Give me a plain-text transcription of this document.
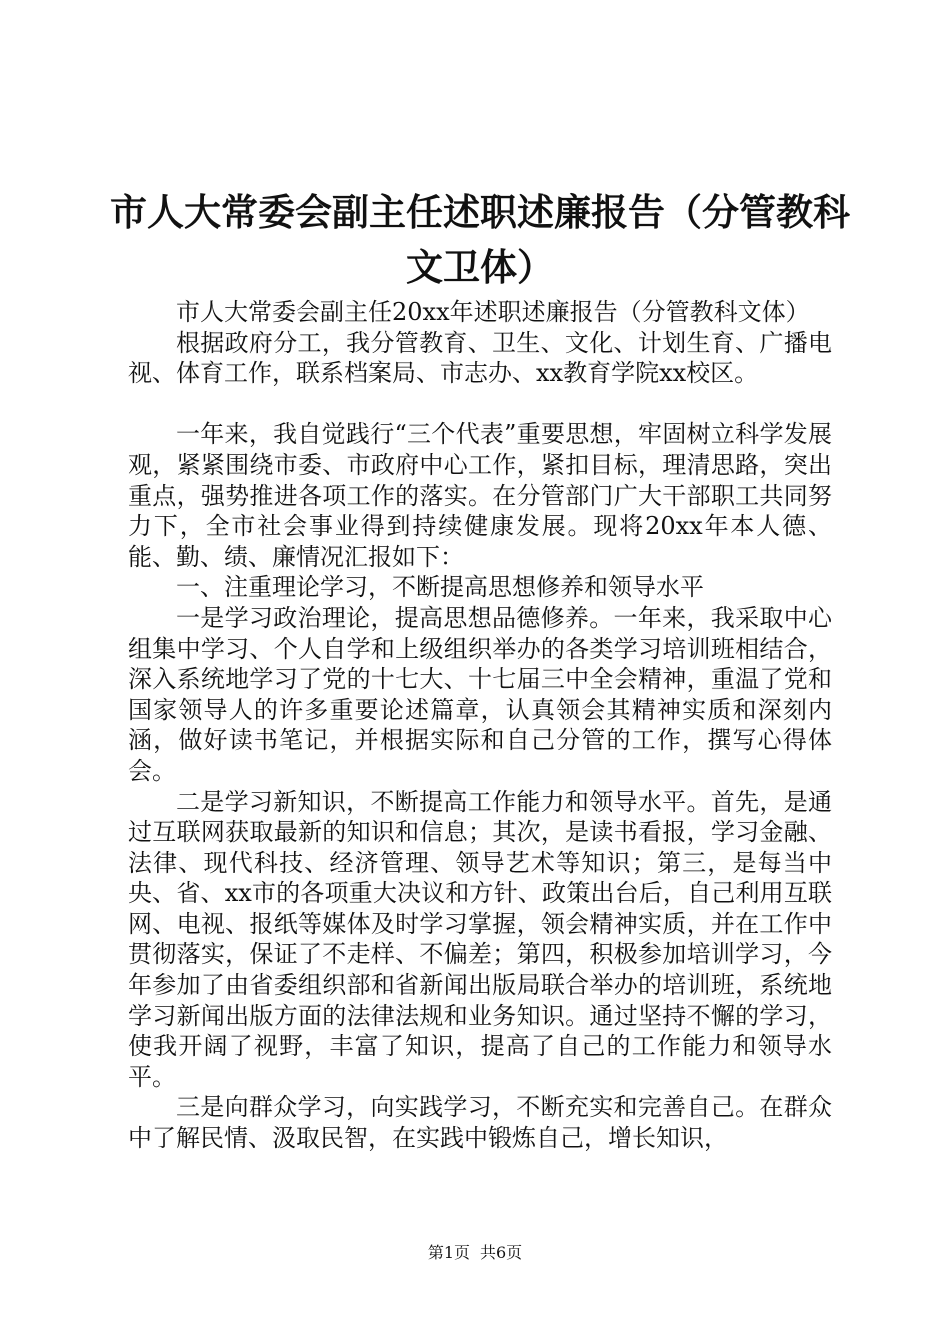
市人大常委会副主任述职述廉报告（分管教科文卫体）

市人大常委会副主任20xx年述职述廉报告（分管教科文体）

根据政府分工，我分管教育、卫生、文化、计划生育、广播电视、体育工作，联系档案局、市志办、xx教育学院xx校区。

一年来，我自觉践行“三个代表”重要思想，牢固树立科学发展观，紧紧围绕市委、市政府中心工作，紧扣目标，理清思路，突出重点，强势推进各项工作的落实。在分管部门广大干部职工共同努力下，全市社会事业得到持续健康发展。现将20xx年本人德、能、勤、绩、廉情况汇报如下：

一、注重理论学习，不断提高思想修养和领导水平

一是学习政治理论，提高思想品德修养。一年来，我采取中心组集中学习、个人自学和上级组织举办的各类学习培训班相结合，深入系统地学习了党的十七大、十七届三中全会精神，重温了党和国家领导人的许多重要论述篇章，认真领会其精神实质和深刻内涵，做好读书笔记，并根据实际和自己分管的工作，撰写心得体会。

二是学习新知识，不断提高工作能力和领导水平。首先，是通过互联网获取最新的知识和信息；其次，是读书看报，学习金融、法律、现代科技、经济管理、领导艺术等知识；第三，是每当中央、省、xx市的各项重大决议和方针、政策出台后，自己利用互联网、电视、报纸等媒体及时学习掌握，领会精神实质，并在工作中贯彻落实，保证了不走样、不偏差；第四，积极参加培训学习，今年参加了由省委组织部和省新闻出版局联合举办的培训班，系统地学习新闻出版方面的法律法规和业务知识。通过坚持不懈的学习，使我开阔了视野，丰富了知识，提高了自己的工作能力和领导水平。

三是向群众学习，向实践学习，不断充实和完善自己。在群众中了解民情、汲取民智，在实践中锻炼自己，增长知识，

第1页 共6页
